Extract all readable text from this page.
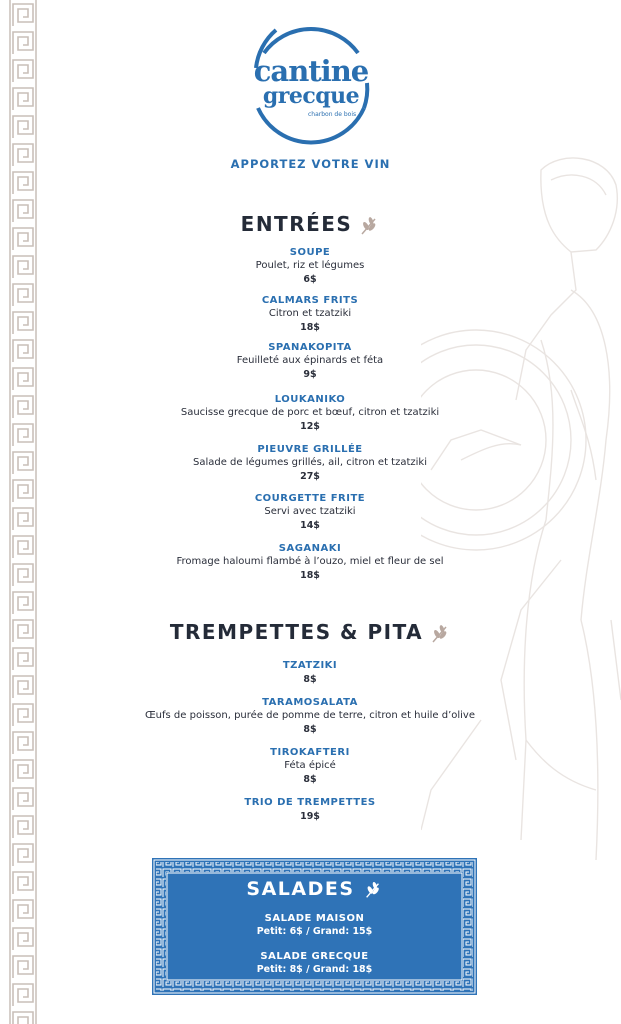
cantine
grecque
charbon de bois
APPORTEZ VOTRE VIN
ENTRÉES
SOUPE
Poulet, riz et légumes
6$
CALMARS FRITS
Citron et tzatziki
18$
SPANAKOPITA
Feuilleté aux épinards et féta
9$
LOUKANIKO
Saucisse grecque de porc et bœuf, citron et tzatziki
12$
PIEUVRE GRILLÉE
Salade de légumes grillés, ail, citron et tzatziki
27$
COURGETTE FRITE
Servi avec tzatziki
14$
SAGANAKI
Fromage haloumi flambé à l’ouzo, miel et fleur de sel
18$
TREMPETTES & PITA
TZATZIKI
8$
TARAMOSALATA
Œufs de poisson, purée de pomme de terre, citron et huile d’olive
8$
TIROKAFTERI
Féta épicé
8$
TRIO DE TREMPETTES
19$
SALADES
SALADE MAISON
Petit: 6$ / Grand: 15$
SALADE GRECQUE
Petit: 8$ / Grand: 18$
